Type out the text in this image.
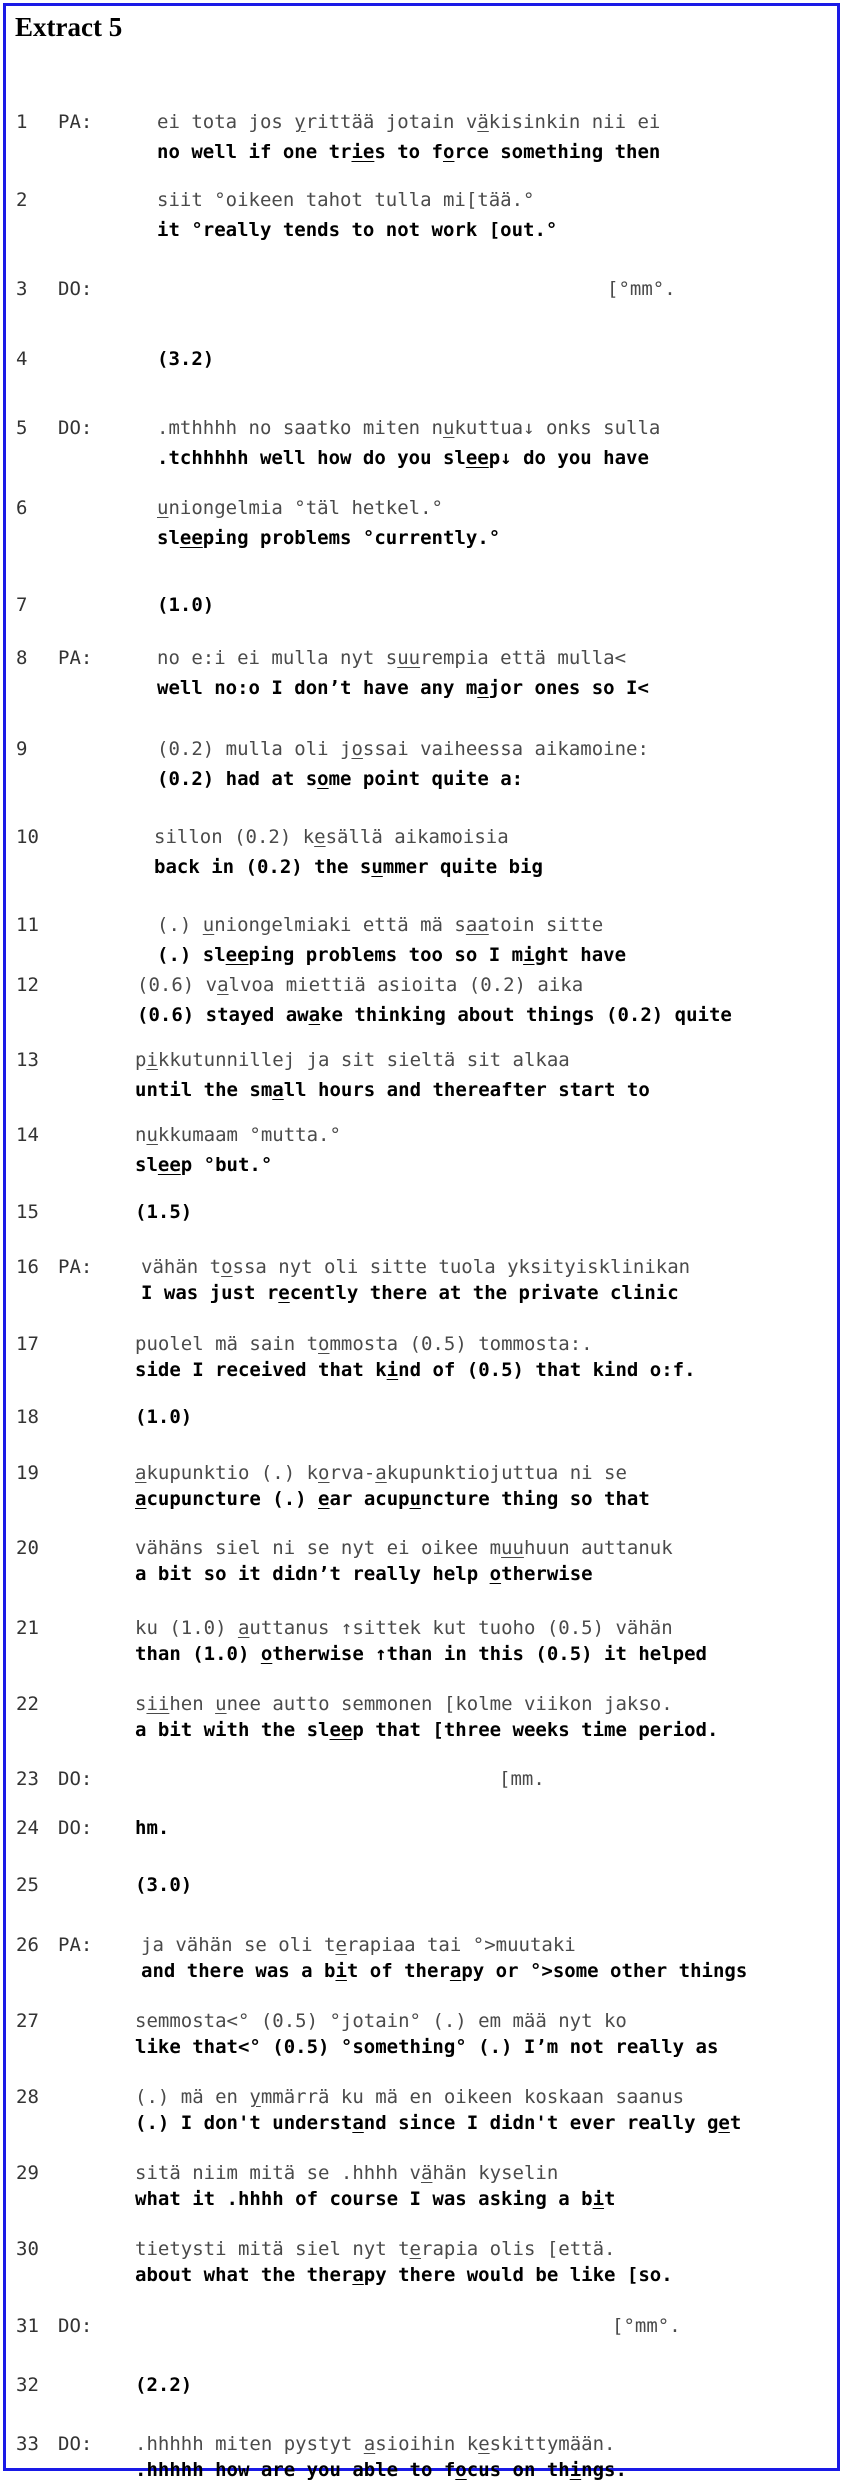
Extract 5
1 PA:	ei tota jos yrittää jotain väkisinkin nii ei
no well if one tries to force something then
2	siit °oikeen tahot tulla mi[tää.°
it °really tends to not work [out.°
3 DO:	[°mm°.
4	(3.2)
5 DO:	.mthhhh no saatko miten nukuttua↓ onks sulla
.tchhhhh well how do you sleep↓ do you have
6	uniongelmia °täl hetkel.°
sleeping problems °currently.°
7	(1.0)
8 PA:	no e:i ei mulla nyt suurempia että mulla<
well no:o I don’t have any major ones so I<
9	(0.2) mulla oli jossai vaiheessa aikamoine:
(0.2) had at some point quite a:
10	sillon (0.2) kesällä aikamoisia
back in (0.2) the summer quite big
11	(.) uniongelmiaki että mä saatoin sitte
(.) sleeping problems too so I might have
12	(0.6) valvoa miettiä asioita (0.2) aika
(0.6) stayed awake thinking about things (0.2) quite
13	pikkutunnillej ja sit sieltä sit alkaa
until the small hours and thereafter start to
14	nukkumaam °mutta.°
sleep °but.°
15	(1.5)
16 PA:	vähän tossa nyt oli sitte tuola yksityisklinikan
I was just recently there at the private clinic
17	puolel mä sain tommosta (0.5) tommosta:.
side I received that kind of (0.5) that kind o:f.
18	(1.0)
19	akupunktio (.) korva-akupunktiojuttua ni se
acupuncture (.) ear acupuncture thing so that
20	vähäns siel ni se nyt ei oikee muuhuun auttanuk
a bit so it didn’t really help otherwise
21	ku (1.0) auttanus ↑sittek kut tuoho (0.5) vähän
than (1.0) otherwise ↑than in this (0.5) it helped
22	siihen unee autto semmonen [kolme viikon jakso.
a bit with the sleep that [three weeks time period.
23 DO:	[mm.
24 DO: hm.
25	(3.0)
26 PA:	ja vähän se oli terapiaa tai °>muutaki
and there was a bit of therapy or °>some other things
27	semmosta<° (0.5) °jotain° (.) em mää nyt ko
like that<° (0.5) °something° (.) I’m not really as
28	(.) mä en ymmärrä ku mä en oikeen koskaan saanus
(.) I don't understand since I didn't ever really get
29	sitä niim mitä se .hhhh vähän kyselin
what it .hhhh of course I was asking a bit
30	tietysti mitä siel nyt terapia olis [että.
about what the therapy there would be like [so.
31 DO:	[°mm°.
32	(2.2)
33 DO: .hhhhh miten pystyt asioihin keskittymään.
.hhhhh how are you able to focus on things.
